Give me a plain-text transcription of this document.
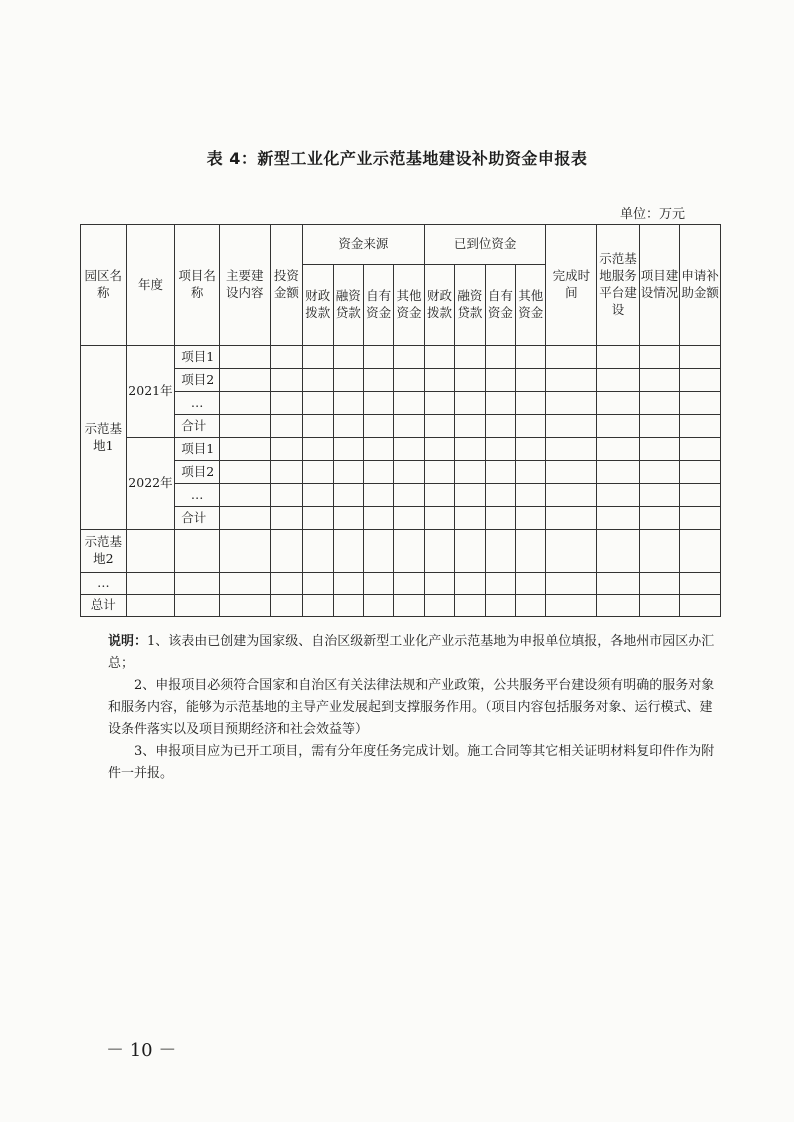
表 4：新型工业化产业示范基地建设补助资金申报表
单位：万元
园区名称	年度	项目名称	主要建设内容	投资金额	资金来源				已到位资金				完成时间	示范基地服务平台建设	项目建设情况	申请补助金额
					财政拨款	融资贷款	自有资金	其他资金	财政拨款	融资贷款	自有资金	其他资金				
示范基地1	2021年	项目1														
		项目2														
		…														
		合计														
	2022年	项目1														
		项目2														
		…														
		合计														
示范基地2																
…																
总计																

说明：1、该表由已创建为国家级、自治区级新型工业化产业示范基地为申报单位填报，各地州市园区办汇总；

2、申报项目必须符合国家和自治区有关法律法规和产业政策，公共服务平台建设须有明确的服务对象和服务内容，能够为示范基地的主导产业发展起到支撑服务作用。（项目内容包括服务对象、运行模式、建设条件落实以及项目预期经济和社会效益等）

3、申报项目应为已开工项目，需有分年度任务完成计划。施工合同等其它相关证明材料复印件作为附件一并报。

－ 10 －
